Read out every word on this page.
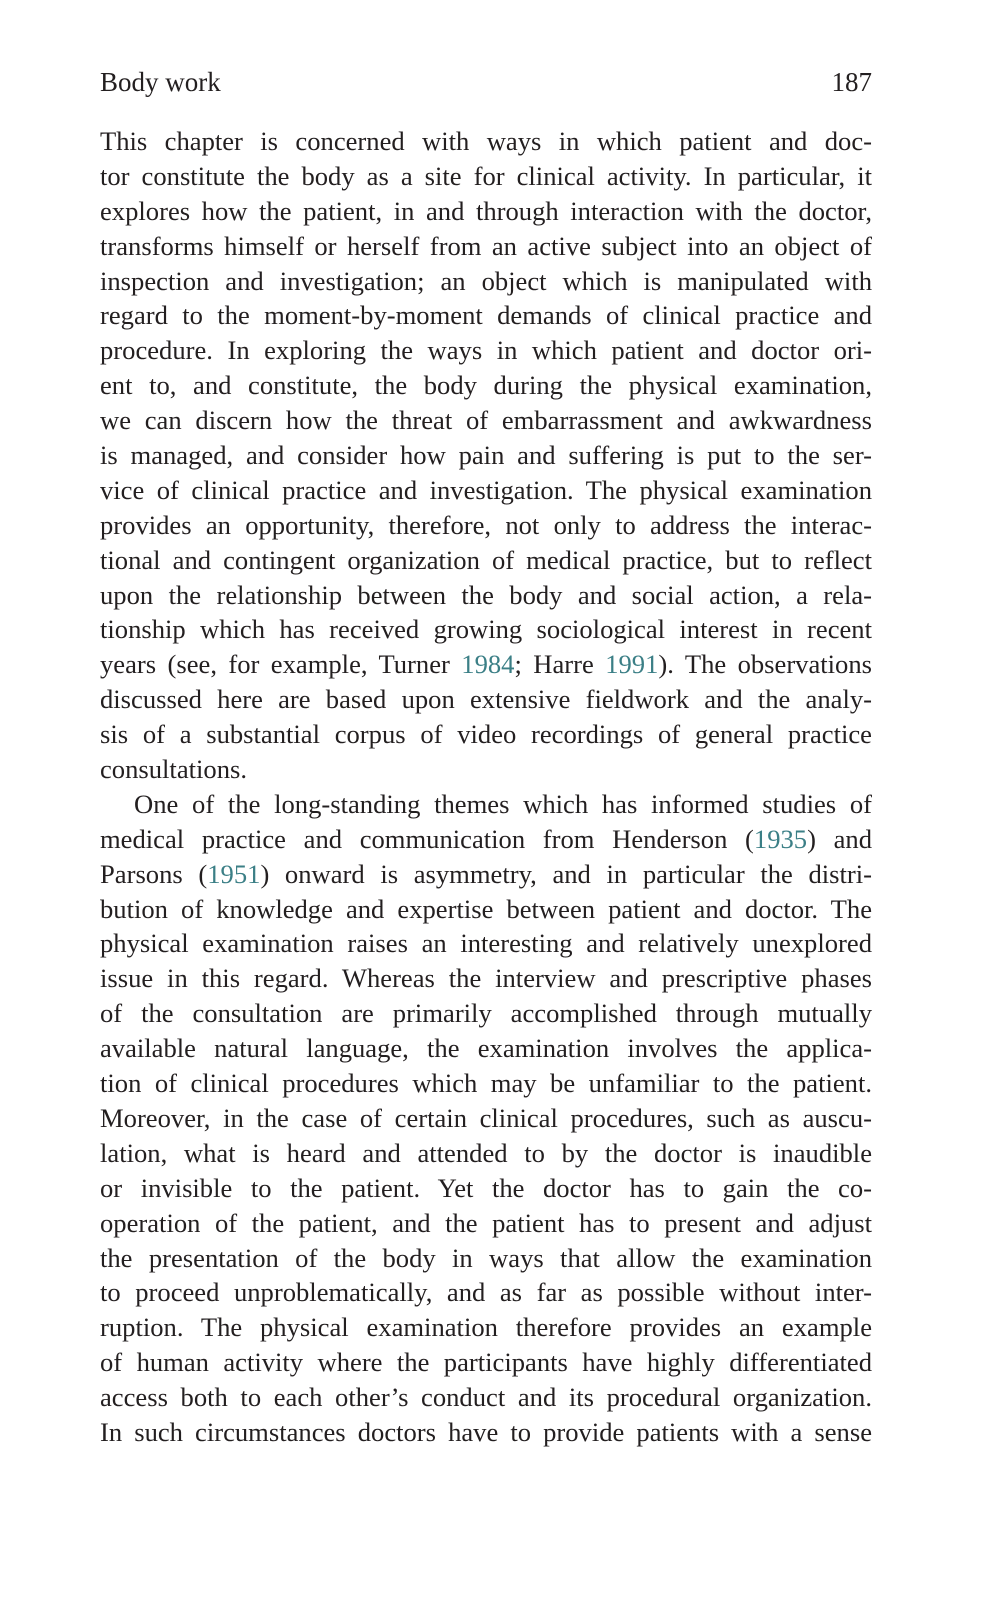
Body work	187
This chapter is concerned with ways in which patient and doc-
tor constitute the body as a site for clinical activity. In particular, it
explores how the patient, in and through interaction with the doctor,
transforms himself or herself from an active subject into an object of
inspection and investigation; an object which is manipulated with
regard to the moment-by-moment demands of clinical practice and
procedure. In exploring the ways in which patient and doctor ori-
ent to, and constitute, the body during the physical examination,
we can discern how the threat of embarrassment and awkwardness
is managed, and consider how pain and suffering is put to the ser-
vice of clinical practice and investigation. The physical examination
provides an opportunity, therefore, not only to address the interac-
tional and contingent organization of medical practice, but to reflect
upon the relationship between the body and social action, a rela-
tionship which has received growing sociological interest in recent
years (see, for example, Turner 1984; Harre 1991). The observations
discussed here are based upon extensive fieldwork and the analy-
sis of a substantial corpus of video recordings of general practice
consultations.
One of the long-standing themes which has informed studies of
medical practice and communication from Henderson (1935) and
Parsons (1951) onward is asymmetry, and in particular the distri-
bution of knowledge and expertise between patient and doctor. The
physical examination raises an interesting and relatively unexplored
issue in this regard. Whereas the interview and prescriptive phases
of the consultation are primarily accomplished through mutually
available natural language, the examination involves the applica-
tion of clinical procedures which may be unfamiliar to the patient.
Moreover, in the case of certain clinical procedures, such as auscu-
lation, what is heard and attended to by the doctor is inaudible
or invisible to the patient. Yet the doctor has to gain the co-
operation of the patient, and the patient has to present and adjust
the presentation of the body in ways that allow the examination
to proceed unproblematically, and as far as possible without inter-
ruption. The physical examination therefore provides an example
of human activity where the participants have highly differentiated
access both to each other’s conduct and its procedural organization.
In such circumstances doctors have to provide patients with a sense
